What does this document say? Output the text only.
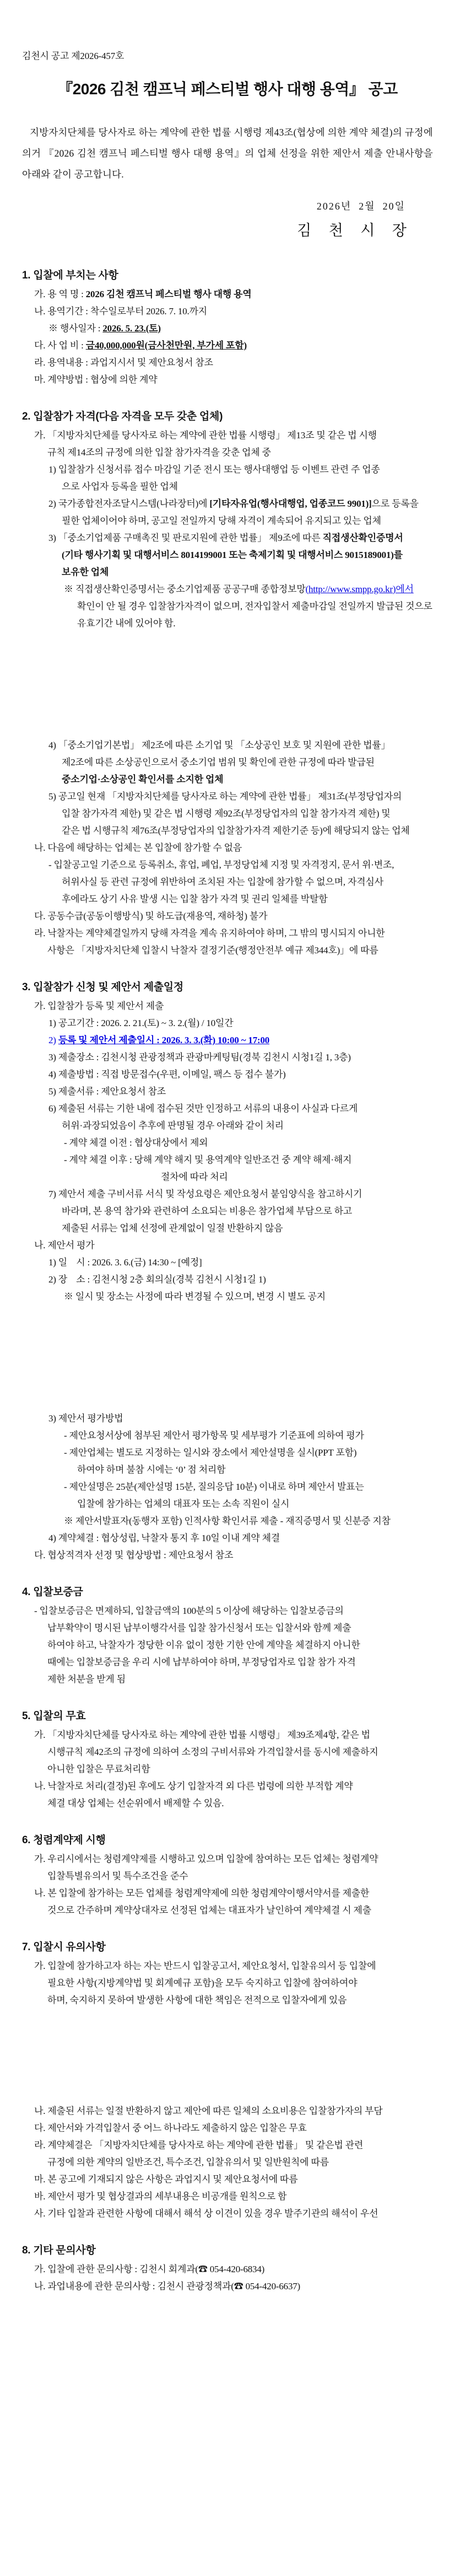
김천시 공고 제2026-457호
『2026 김천 캠프닉 페스티벌 행사 대행 용역』 공고
지방자치단체를 당사자로 하는 계약에 관한 법률 시행령 제43조(협상에 의한 계약 체결)의 규정에 의거 『2026 김천 캠프닉 페스티벌 행사 대행 용역』의 업체 선정을 위한 제안서 제출 안내사항을 아래와 같이 공고합니다.
2026년  2월  20일
김  천  시  장
1. 입찰에 부치는 사항
가. 용 역 명 : 2026 김천 캠프닉 페스티벌 행사 대행 용역
나. 용역기간 : 착수일로부터 2026. 7. 10.까지
※ 행사일자 : 2026. 5. 23.(토)
다. 사 업 비 : 금40,000,000원(금사천만원, 부가세 포함)
라. 용역내용 : 과업지시서 및 제안요청서 참조
마. 계약방법 : 협상에 의한 계약
2. 입찰참가 자격(다음 자격을 모두 갖춘 업체)
가. 「지방자치단체를 당사자로 하는 계약에 관한 법률 시행령」 제13조 및 같은 법 시행
규칙 제14조의 규정에 의한 입찰 참가자격을 갖춘 업체 중
1) 입찰참가 신청서류 접수 마감일 기준 전시 또는 행사대행업 등 이벤트 관련 주 업종
으로 사업자 등록을 필한 업체
2) 국가종합전자조달시스템(나라장터)에 [기타자유업(행사대행업, 업종코드 9901)]으로 등록을
필한 업체이어야 하며, 공고일 전일까지 당해 자격이 계속되어 유지되고 있는 업체
3) 「중소기업제품 구매촉진 및 판로지원에 관한 법률」 제9조에 따른 직접생산확인증명서
(기타 행사기획 및 대행서비스 8014199001 또는 축제기획 및 대행서비스 9015189001)를
보유한 업체
※ 직접생산확인증명서는 중소기업제품 공공구매 종합정보망(http://www.smpp.go.kr)에서
확인이 안 될 경우 입찰참가자격이 없으며, 전자입찰서 제출마감일 전일까지 발급된 것으로
유효기간 내에 있어야 함.
4) 「중소기업기본법」 제2조에 따른 소기업 및 「소상공인 보호 및 지원에 관한 법률」
제2조에 따른 소상공인으로서 중소기업 범위 및 확인에 관한 규정에 따라 발급된
중소기업·소상공인 확인서를 소지한 업체
5) 공고일 현재 「지방자치단체를 당사자로 하는 계약에 관한 법률」 제31조(부정당업자의
입찰 참가자격 제한) 및 같은 법 시행령 제92조(부정당업자의 입찰 참가자격 제한) 및
같은 법 시행규칙 제76조(부정당업자의 입찰참가자격 제한기준 등)에 해당되지 않는 업체
나. 다음에 해당하는 업체는 본 입찰에 참가할 수 없음
- 입찰공고일 기준으로 등록취소, 휴업, 폐업, 부정당업체 지정 및 자격정지, 문서 위·변조,
허위사실 등 관련 규정에 위반하여 조치된 자는 입찰에 참가할 수 없으며, 자격심사
후에라도 상기 사유 발생 시는 입찰 참가 자격 및 권리 일체를 박탈함
다. 공동수급(공동이행방식) 및 하도급(재용역, 재하청) 불가
라. 낙찰자는 계약체결일까지 당해 자격을 계속 유지하여야 하며, 그 밖의 명시되지 아니한
사항은 「지방자치단체 입찰시 낙찰자 결정기준(행정안전부 예규 제344호)」에 따름
3. 입찰참가 신청 및 제안서 제출일정
가. 입찰참가 등록 및 제안서 제출
1) 공고기간 : 2026. 2. 21.(토) ~ 3. 2.(월) / 10일간
2) 등록 및 제안서 제출일시 : 2026. 3. 3.(화) 10:00 ~ 17:00
3) 제출장소 : 김천시청 관광정책과 관광마케팅팀(경북 김천시 시청1길 1, 3층)
4) 제출방법 : 직접 방문접수(우편, 이메일, 팩스 등 접수 불가)
5) 제출서류 : 제안요청서 참조
6) 제출된 서류는 기한 내에 접수된 것만 인정하고 서류의 내용이 사실과 다르게
허위·과장되었음이 추후에 판명될 경우 아래와 같이 처리
- 계약 체결 이전 : 협상대상에서 제외
- 계약 체결 이후 : 당해 계약 해지 및 용역계약 일반조건 중 계약 해제·해지
절차에 따라 처리
7) 제안서 제출 구비서류 서식 및 작성요령은 제안요청서 붙임양식을 참고하시기
바라며, 본 용역 참가와 관련하여 소요되는 비용은 참가업체 부담으로 하고
제출된 서류는 업체 선정에 관계없이 일절 반환하지 않음
나. 제안서 평가
1) 일    시 : 2026. 3. 6.(금) 14:30 ~ [예정]
2) 장    소 : 김천시청 2층 회의실(경북 김천시 시청1길 1)
※ 일시 및 장소는 사정에 따라 변경될 수 있으며, 변경 시 별도 공지
3) 제안서 평가방법
- 제안요청서상에 첨부된 제안서 평가항목 및 세부평가 기준표에 의하여 평가
- 제안업체는 별도로 지정하는 일시와 장소에서 제안설명을 실시(PPT 포함)
하여야 하며 불참 시에는 ‘0’ 점 처리함
- 제안설명은 25분(제안설명 15분, 질의응답 10분) 이내로 하며 제안서 발표는
입찰에 참가하는 업체의 대표자 또는 소속 직원이 실시
※ 제안서발표자(동행자 포함) 인적사항 확인서류 제출 - 재직증명서 및 신분증 지참
4) 계약체결 : 협상성립, 낙찰자 통지 후 10일 이내 계약 체결
다. 협상적격자 선정 및 협상방법 : 제안요청서 참조
4. 입찰보증금
- 입찰보증금은 면제하되, 입찰금액의 100분의 5 이상에 해당하는 입찰보증금의
납부확약이 명시된 납부이행각서를 입찰 참가신청서 또는 입찰서와 함께 제출
하여야 하고, 낙찰자가 정당한 이유 없이 정한 기한 안에 계약을 체결하지 아니한
때에는 입찰보증금을 우리 시에 납부하여야 하며, 부정당업자로 입찰 참가 자격
제한 처분을 받게 됨
5. 입찰의 무효
가. 「지방자치단체를 당사자로 하는 계약에 관한 법률 시행령」 제39조제4항, 같은 법
시행규칙 제42조의 규정에 의하여 소정의 구비서류와 가격입찰서를 동시에 제출하지
아니한 입찰은 무료처리함
나. 낙찰자로 처리(결정)된 후에도 상기 입찰자격 외 다른 법령에 의한 부적합 계약
체결 대상 업체는 선순위에서 배제할 수 있음.
6. 청렴계약제 시행
가. 우리시에서는 청렴계약제를 시행하고 있으며 입찰에 참여하는 모든 업체는 청렴계약
입찰특별유의서 및 특수조건을 준수
나. 본 입찰에 참가하는 모든 업체를 청렴계약제에 의한 청렴계약이행서약서를 제출한
것으로 간주하며 계약상대자로 선정된 업체는 대표자가 날인하여 계약체결 시 제출
7. 입찰시 유의사항
가. 입찰에 참가하고자 하는 자는 반드시 입찰공고서, 제안요청서, 입찰유의서 등 입찰에
필요한 사항(지방계약법 및 회계예규 포함)을 모두 숙지하고 입찰에 참여하여야
하며, 숙지하지 못하여 발생한 사항에 대한 책임은 전적으로 입찰자에게 있음
나. 제출된 서류는 일절 반환하지 않고 제안에 따른 일체의 소요비용은 입찰참가자의 부담
다. 제안서와 가격입찰서 중 어느 하나라도 제출하지 않은 입찰은 무효
라. 계약체결은 「지방자치단체를 당사자로 하는 계약에 관한 법률」 및 같은법 관련
규정에 의한 계약의 일반조건, 특수조건, 입찰유의서 및 일반원칙에 따름
마. 본 공고에 기재되지 않은 사항은 과업지시 및 제안요청서에 따름
바. 제안서 평가 및 협상결과의 세부내용은 비공개를 원칙으로 함
사. 기타 입찰과 관련한 사항에 대해서 해석 상 이견이 있을 경우 발주기관의 해석이 우선
8. 기타 문의사항
가. 입찰에 관한 문의사항 : 김천시 회계과(☎ 054-420-6834)
나. 과업내용에 관한 문의사항 : 김천시 관광정책과(☎ 054-420-6637)
